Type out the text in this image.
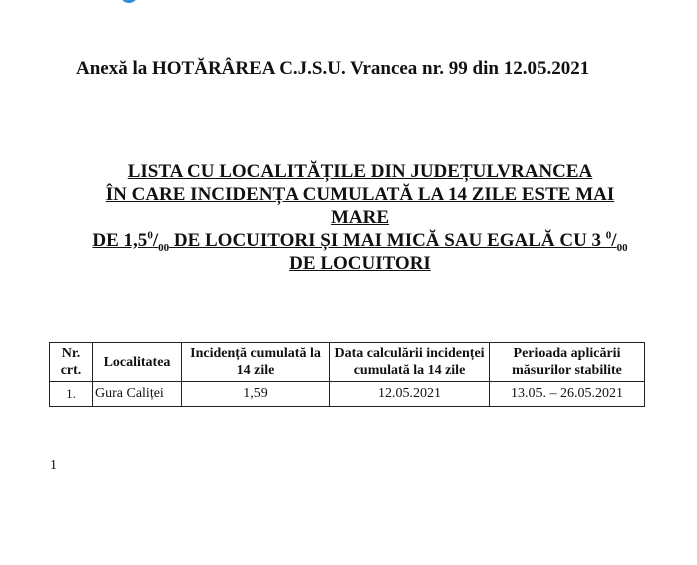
Anexă la HOTĂRÂREA C.J.S.U. Vrancea nr. 99 din 12.05.2021
LISTA CU LOCALITĂȚILE DIN JUDEȚULVRANCEA
ÎN CARE INCIDENȚA CUMULATĂ LA 14 ZILE ESTE MAI
MARE
DE $1,5^0/_{00}$ DE LOCUITORI ȘI MAI MICĂ SAU EGALĂ CU 3 $^0/_{00}$
DE LOCUITORI
Nr. crt.	Localitatea	Incidență cumulată la 14 zile	Data calculării incidenței cumulată la 14 zile	Perioada aplicării măsurilor stabilite
1.	Gura Caliței	1,59	12.05.2021	13.05. – 26.05.2021
1
